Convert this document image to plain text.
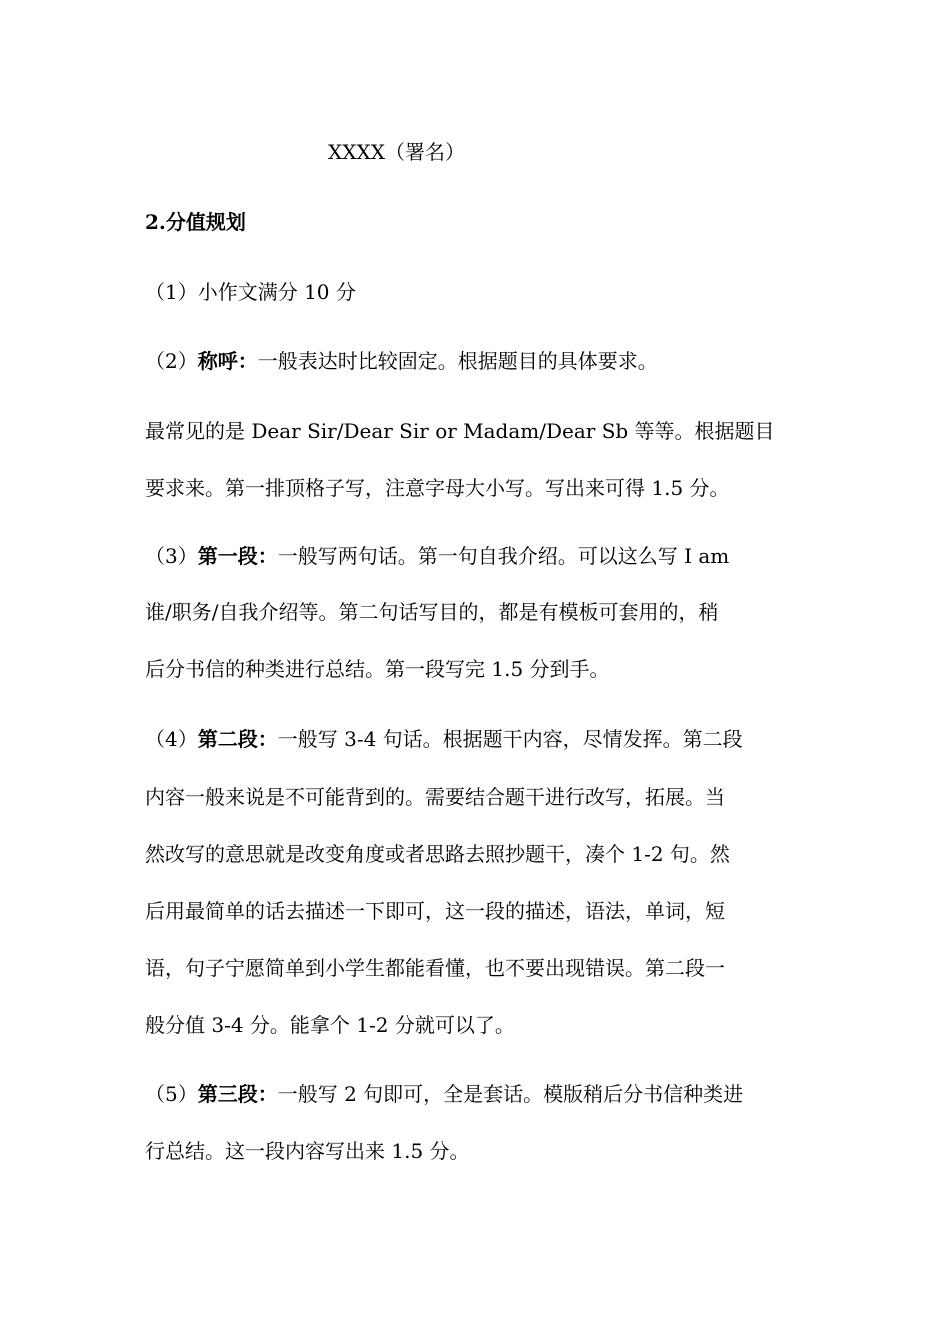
XXXX（署名）
2.分值规划
（1）小作文满分 10 分
（2）称呼：一般表达时比较固定。根据题目的具体要求。
最常见的是 Dear Sir/Dear Sir or Madam/Dear Sb 等等。根据题目
要求来。第一排顶格子写，注意字母大小写。写出来可得 1.5 分。
（3）第一段：一般写两句话。第一句自我介绍。可以这么写 I am
谁/职务/自我介绍等。第二句话写目的，都是有模板可套用的，稍
后分书信的种类进行总结。第一段写完 1.5 分到手。
（4）第二段：一般写 3-4 句话。根据题干内容，尽情发挥。第二段
内容一般来说是不可能背到的。需要结合题干进行改写，拓展。当
然改写的意思就是改变角度或者思路去照抄题干，凑个 1-2 句。然
后用最简单的话去描述一下即可，这一段的描述，语法，单词，短
语，句子宁愿简单到小学生都能看懂，也不要出现错误。第二段一
般分值 3-4 分。能拿个 1-2 分就可以了。
（5）第三段：一般写 2 句即可，全是套话。模版稍后分书信种类进
行总结。这一段内容写出来 1.5 分。
